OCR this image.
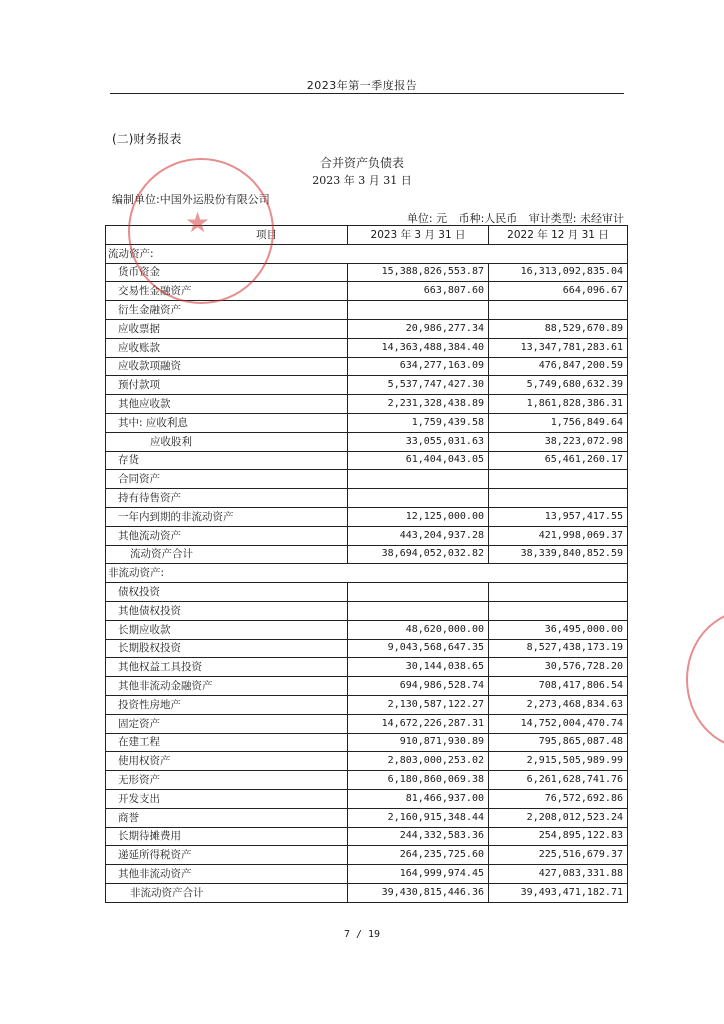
2023年第一季度报告
(二)财务报表
合并资产负债表
2023 年 3 月 31 日
编制单位:中国外运股份有限公司
单位: 元 币种:人民币 审计类型: 未经审计
项目	2023 年 3 月 31 日	2022 年 12 月 31 日
流动资产:		
货币资金	15,388,826,553.87	16,313,092,835.04
交易性金融资产	663,807.60	664,096.67
衍生金融资产		
应收票据	20,986,277.34	88,529,670.89
应收账款	14,363,488,384.40	13,347,781,283.61
应收款项融资	634,277,163.09	476,847,200.59
预付款项	5,537,747,427.30	5,749,680,632.39
其他应收款	2,231,328,438.89	1,861,828,386.31
其中: 应收利息	1,759,439.58	1,756,849.64
应收股利	33,055,031.63	38,223,072.98
存货	61,404,043.05	65,461,260.17
合同资产		
持有待售资产		
一年内到期的非流动资产	12,125,000.00	13,957,417.55
其他流动资产	443,204,937.28	421,998,069.37
流动资产合计	38,694,052,032.82	38,339,840,852.59
非流动资产:		
债权投资		
其他债权投资		
长期应收款	48,620,000.00	36,495,000.00
长期股权投资	9,043,568,647.35	8,527,438,173.19
其他权益工具投资	30,144,038.65	30,576,728.20
其他非流动金融资产	694,986,528.74	708,417,806.54
投资性房地产	2,130,587,122.27	2,273,468,834.63
固定资产	14,672,226,287.31	14,752,004,470.74
在建工程	910,871,930.89	795,865,087.48
使用权资产	2,803,000,253.02	2,915,505,989.99
无形资产	6,180,860,069.38	6,261,628,741.76
开发支出	81,466,937.00	76,572,692.86
商誉	2,160,915,348.44	2,208,012,523.24
长期待摊费用	244,332,583.36	254,895,122.83
递延所得税资产	264,235,725.60	225,516,679.37
其他非流动资产	164,999,974.45	427,083,331.88
非流动资产合计	39,430,815,446.36	39,493,471,182.71
7 / 19
★
